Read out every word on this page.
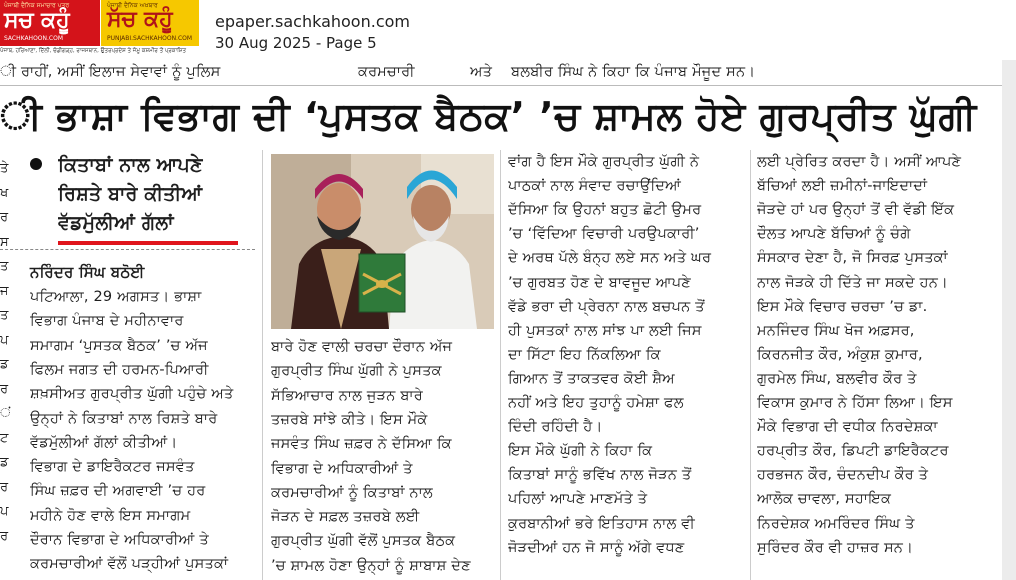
ਪੰਜਾਬੀ ਦੈਨਿਕ ਸਮਾਚਾਰ ਪਤਰ
ਸਚ ਕਹੂੰ
SACHKAHOON.COM
ਪੰਜਾਬੀ ਦੈਨਿਕ ਅਖ਼ਬਾਰ
ਸੱਚ ਕਹੂੰ
PUNJABI.SACHKAHOON.COM
ਪੰਜਾਬ, ਹਰਿਆਣਾ, ਦਿੱਲੀ, ਚੰਡੀਗੜ੍ਹ, ਰਾਜਸਥਾਨ, ਉਤਰਪ੍ਰਦੇਸ਼ ਤੇ ਜੰਮੂ ਕਸ਼ਮੀਰ ਤੋਂ ਪ੍ਰਕਾਸ਼ਿਤ
epaper.sachkahoon.com
30 Aug 2025 - Page 5
ੀ ਰਾਹੀਂ, ਅਸੀਂ ਇਲਾਜ ਸੇਵਾਵਾਂ ਨੂੰ ਪੁਲਿਸ	ਕਰਮਚਾਰੀ	ਅਤੇ ਬਲਬੀਰ ਸਿੰਘ ਨੇ ਕਿਹਾ ਕਿ ਪੰਜਾਬ ਮੌਜੂਦ ਸਨ।
ੀ ਭਾਸ਼ਾ ਵਿਭਾਗ ਦੀ ‘ਪੁਸਤਕ ਬੈਠਕ’ ’ਚ ਸ਼ਾਮਲ ਹੋਏ ਗੁਰਪ੍ਰੀਤ ਘੁੱਗੀ
ਕਿਤਾਬਾਂ ਨਾਲ ਆਪਣੇ
ਰਿਸ਼ਤੇ ਬਾਰੇ ਕੀਤੀਆਂ
ਵੱਡਮੁੱਲੀਆਂ ਗੱਲਾਂ
ਨਰਿੰਦਰ ਸਿੰਘ ਬਠੋਈ
ਪਟਿਆਲਾ, 29 ਅਗਸਤ। ਭਾਸ਼ਾ
ਵਿਭਾਗ ਪੰਜਾਬ ਦੇ ਮਹੀਨਾਵਾਰ
ਸਮਾਗਮ ‘ਪੁਸਤਕ ਬੈਠਕ’ ’ਚ ਅੱਜ
ਫਿਲਮ ਜਗਤ ਦੀ ਹਰਮਨ-ਪਿਆਰੀ
ਸ਼ਖ਼ਸੀਅਤ ਗੁਰਪ੍ਰੀਤ ਘੁੱਗੀ ਪਹੁੰਚੇ ਅਤੇ
ਉਨ੍ਹਾਂ ਨੇ ਕਿਤਾਬਾਂ ਨਾਲ ਰਿਸ਼ਤੇ ਬਾਰੇ
ਵੱਡਮੁੱਲੀਆਂ ਗੱਲਾਂ ਕੀਤੀਆਂ।
ਵਿਭਾਗ ਦੇ ਡਾਇਰੈਕਟਰ ਜਸਵੰਤ
ਸਿੰਘ ਜ਼ਫ਼ਰ ਦੀ ਅਗਵਾਈ ’ਚ ਹਰ
ਮਹੀਨੇ ਹੋਣ ਵਾਲੇ ਇਸ ਸਮਾਗਮ
ਦੌਰਾਨ ਵਿਭਾਗ ਦੇ ਅਧਿਕਾਰੀਆਂ ਤੇ
ਕਰਮਚਾਰੀਆਂ ਵੱਲੋਂ ਪੜ੍ਹੀਆਂ ਪੁਸਤਕਾਂ
ਬਾਰੇ ਹੋਣ ਵਾਲੀ ਚਰਚਾ ਦੌਰਾਨ ਅੱਜ
ਗੁਰਪ੍ਰੀਤ ਸਿੰਘ ਘੁੱਗੀ ਨੇ ਪੁਸਤਕ
ਸੱਭਿਆਚਾਰ ਨਾਲ ਜੁੜਨ ਬਾਰੇ
ਤਜ਼ਰਬੇ ਸਾਂਝੇ ਕੀਤੇ। ਇਸ ਮੌਕੇ
ਜਸਵੰਤ ਸਿੰਘ ਜ਼ਫ਼ਰ ਨੇ ਦੱਸਿਆ ਕਿ
ਵਿਭਾਗ ਦੇ ਅਧਿਕਾਰੀਆਂ ਤੇ
ਕਰਮਚਾਰੀਆਂ ਨੂੰ ਕਿਤਾਬਾਂ ਨਾਲ
ਜੋੜਨ ਦੇ ਸਫ਼ਲ ਤਜ਼ਰਬੇ ਲਈ
ਗੁਰਪ੍ਰੀਤ ਘੁੱਗੀ ਵੱਲੋਂ ਪੁਸਤਕ ਬੈਠਕ
’ਚ ਸ਼ਾਮਲ ਹੋਣਾ ਉਨ੍ਹਾਂ ਨੂੰ ਸ਼ਾਬਾਸ਼ ਦੇਣ
ਵਾਂਗ ਹੈ ਇਸ ਮੌਕੇ ਗੁਰਪ੍ਰੀਤ ਘੁੱਗੀ ਨੇ
ਪਾਠਕਾਂ ਨਾਲ ਸੰਵਾਦ ਰਚਾਉਂਦਿਆਂ
ਦੱਸਿਆ ਕਿ ਉਹਨਾਂ ਬਹੁਤ ਛੋਟੀ ਉਮਰ
’ਚ ‘ਵਿੱਦਿਆ ਵਿਚਾਰੀ ਪਰਉਪਕਾਰੀ’
ਦੇ ਅਰਥ ਪੱਲੇ ਬੰਨ੍ਹ ਲਏ ਸਨ ਅਤੇ ਘਰ
’ਚ ਗੁਰਬਤ ਹੋਣ ਦੇ ਬਾਵਜੂਦ ਆਪਣੇ
ਵੱਡੇ ਭਰਾ ਦੀ ਪ੍ਰੇਰਨਾ ਨਾਲ ਬਚਪਨ ਤੋਂ
ਹੀ ਪੁਸਤਕਾਂ ਨਾਲ ਸਾਂਝ ਪਾ ਲਈ ਜਿਸ
ਦਾ ਸਿੱਟਾ ਇਹ ਨਿੱਕਲਿਆ ਕਿ
ਗਿਆਨ ਤੋਂ ਤਾਕਤਵਰ ਕੋਈ ਸ਼ੈਅ
ਨਹੀਂ ਅਤੇ ਇਹ ਤੁਹਾਨੂੰ ਹਮੇਸ਼ਾ ਫਲ
ਦਿੰਦੀ ਰਹਿੰਦੀ ਹੈ।
ਇਸ ਮੌਕੇ ਘੁੱਗੀ ਨੇ ਕਿਹਾ ਕਿ
ਕਿਤਾਬਾਂ ਸਾਨੂੰ ਭਵਿੱਖ ਨਾਲ ਜੋੜਨ ਤੋਂ
ਪਹਿਲਾਂ ਆਪਣੇ ਮਾਣਮੱਤੇ ਤੇ
ਕੁਰਬਾਨੀਆਂ ਭਰੇ ਇਤਿਹਾਸ ਨਾਲ ਵੀ
ਜੋੜਦੀਆਂ ਹਨ ਜੋ ਸਾਨੂੰ ਅੱਗੇ ਵਧਣ
ਲਈ ਪ੍ਰੇਰਿਤ ਕਰਦਾ ਹੈ। ਅਸੀਂ ਆਪਣੇ
ਬੱਚਿਆਂ ਲਈ ਜ਼ਮੀਨਾਂ-ਜਾਇਦਾਦਾਂ
ਜੋੜਦੇ ਹਾਂ ਪਰ ਉਨ੍ਹਾਂ ਤੋਂ ਵੀ ਵੱਡੀ ਇੱਕ
ਦੌਲਤ ਆਪਣੇ ਬੱਚਿਆਂ ਨੂੰ ਚੰਗੇ
ਸੰਸਕਾਰ ਦੇਣਾ ਹੈ, ਜੋ ਸਿਰਫ਼ ਪੁਸਤਕਾਂ
ਨਾਲ ਜੋੜਕੇ ਹੀ ਦਿੱਤੇ ਜਾ ਸਕਦੇ ਹਨ।
ਇਸ ਮੌਕੇ ਵਿਚਾਰ ਚਰਚਾ ’ਚ ਡਾ.
ਮਨਜਿੰਦਰ ਸਿੰਘ ਖੋਜ ਅਫ਼ਸਰ,
ਕਿਰਨਜੀਤ ਕੌਰ, ਅੰਕੁਸ਼ ਕੁਮਾਰ,
ਗੁਰਮੇਲ ਸਿੰਘ, ਬਲਵੀਰ ਕੌਰ ਤੇ
ਵਿਕਾਸ ਕੁਮਾਰ ਨੇ ਹਿੱਸਾ ਲਿਆ। ਇਸ
ਮੌਕੇ ਵਿਭਾਗ ਦੀ ਵਧੀਕ ਨਿਰਦੇਸ਼ਕਾ
ਹਰਪ੍ਰੀਤ ਕੌਰ, ਡਿਪਟੀ ਡਾਇਰੈਕਟਰ
ਹਰਭਜਨ ਕੌਰ, ਚੰਦਨਦੀਪ ਕੌਰ ਤੇ
ਆਲੋਕ ਚਾਵਲਾ, ਸਹਾਇਕ
ਨਿਰਦੇਸ਼ਕ ਅਮਰਿੰਦਰ ਸਿੰਘ ਤੇ
ਸੁਰਿੰਦਰ ਕੌਰ ਵੀ ਹਾਜ਼ਰ ਸਨ।
ਤੇ
ਖ
ਰ
ਸ
ਤ
ਜ
ਤ
ਪ
ਡ
ਰ
ਂ
ਟ
ਡ
ਰ
ਪ
ਰ
